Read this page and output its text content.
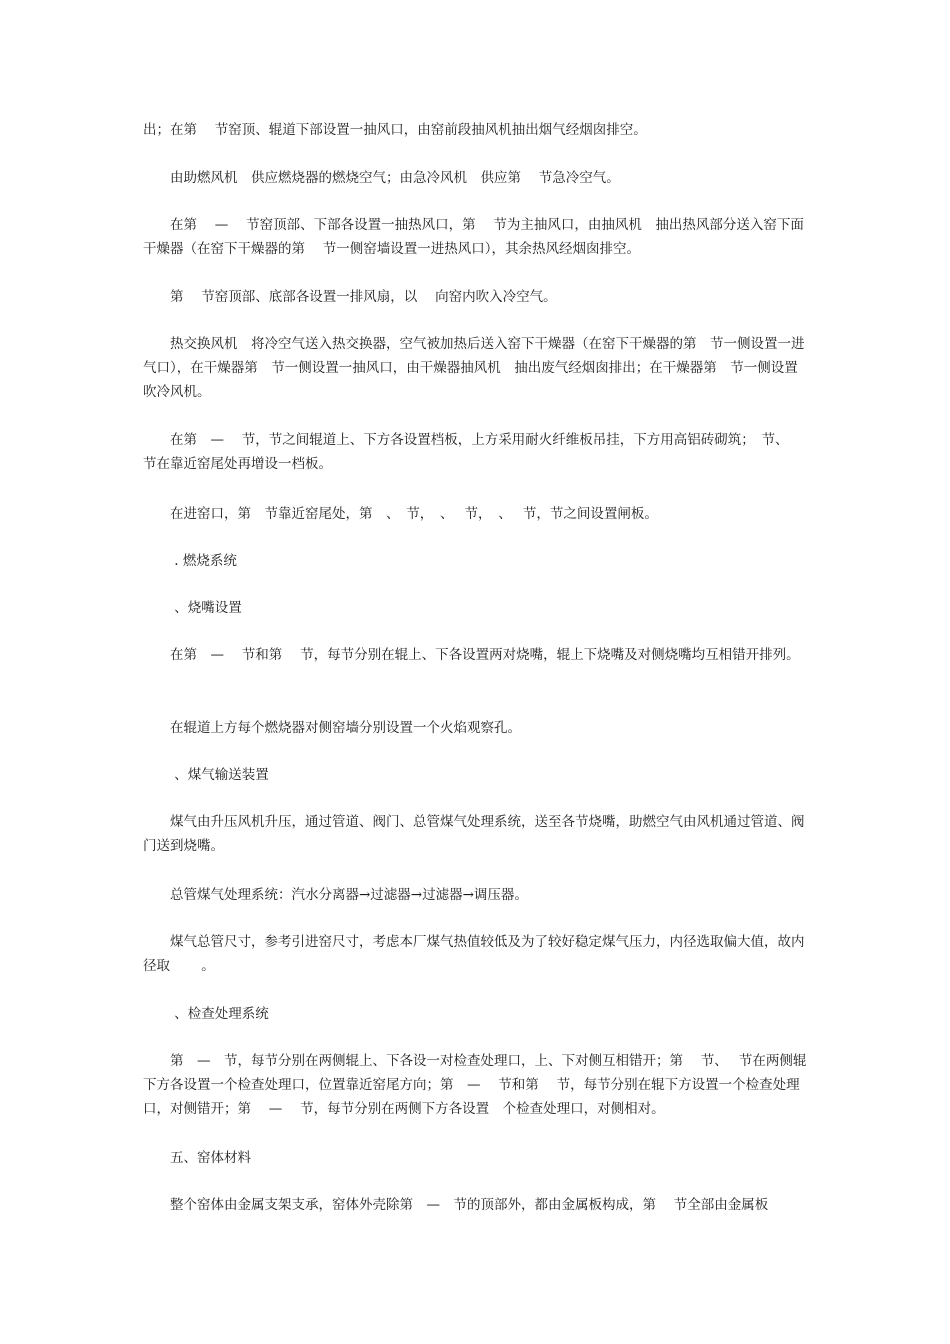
出；在第　 节窑顶、辊道下部设置一抽风口，由窑前段抽风机抽出烟气经烟囱排空。

　　由助燃风机　供应燃烧器的燃烧空气；由急冷风机　供应第　 节急冷空气。

　　在第　 —　 节窑顶部、下部各设置一抽热风口，第　 节为主抽风口，由抽风机　抽出热风部分送入窑下面干燥器（在窑下干燥器的第　 节一侧窑墙设置一进热风口），其余热风经烟囱排空。

　　第　 节窑顶部、底部各设置一排风扇，以　 向窑内吹入冷空气。

　　热交换风机　将冷空气送入热交换器，空气被加热后送入窑下干燥器（在窑下干燥器的第　节一侧设置一进气口），在干燥器第　节一侧设置一抽风口，由干燥器抽风机　抽出废气经烟囱排出；在干燥器第　节一侧设置吹冷风机。

　　在第　—　 节，节之间辊道上、下方各设置档板，上方采用耐火纤维板吊挂，下方用高铝砖砌筑；　节、　 节在靠近窑尾处再增设一档板。

　　在进窑口，第　节靠近窑尾处，第　、　节，　、　 节，　、　 节，节之间设置闸板。

　　 . 燃烧系统

　　 、烧嘴设置

　　在第　—　 节和第　 节，每节分别在辊上、下各设置两对烧嘴，辊上下烧嘴及对侧烧嘴均互相错开排列。

　　在辊道上方每个燃烧器对侧窑墙分别设置一个火焰观察孔。

　　 、煤气输送装置

　　煤气由升压风机升压，通过管道、阀门、总管煤气处理系统，送至各节烧嘴，助燃空气由风机通过管道、阀门送到烧嘴。

　　总管煤气处理系统：汽水分离器→过滤器→过滤器→调压器。

　　煤气总管尺寸，参考引进窑尺寸，考虑本厂煤气热值较低及为了较好稳定煤气压力，内径选取偏大值，故内径取　　 。

　　 、检查处理系统

　　第　—　节，每节分别在两侧辊上、下各设一对检查处理口，上、下对侧互相错开；第　 节、　 节在两侧辊下方各设置一个检查处理口，位置靠近窑尾方向；第　—　 节和第　 节，每节分别在辊下方设置一个检查处理口，对侧错开；第　 —　 节，每节分别在两侧下方各设置　个检查处理口，对侧相对。

　　五、窑体材料

　　整个窑体由金属支架支承，窑体外壳除第　—　节的顶部外，都由金属板构成，第　 节全部由金属板
